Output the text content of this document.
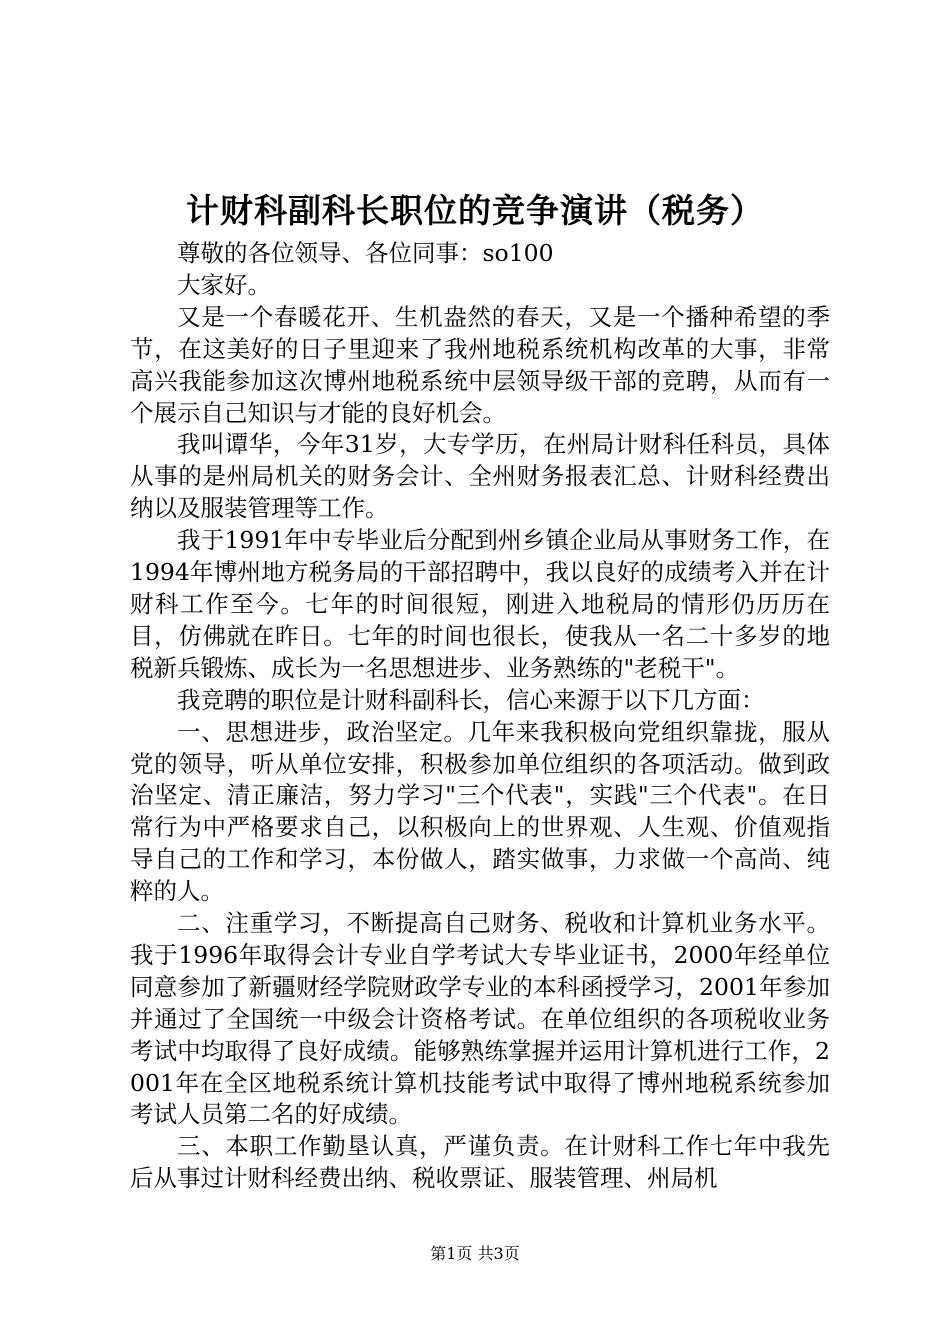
计财科副科长职位的竞争演讲（税务）

尊敬的各位领导、各位同事：so100

大家好。

又是一个春暖花开、生机盎然的春天，又是一个播种希望的季节，在这美好的日子里迎来了我州地税系统机构改革的大事，非常高兴我能参加这次博州地税系统中层领导级干部的竞聘，从而有一个展示自己知识与才能的良好机会。

我叫谭华，今年31岁，大专学历，在州局计财科任科员，具体从事的是州局机关的财务会计、全州财务报表汇总、计财科经费出纳以及服装管理等工作。

我于1991年中专毕业后分配到州乡镇企业局从事财务工作，在1994年博州地方税务局的干部招聘中，我以良好的成绩考入并在计财科工作至今。七年的时间很短，刚进入地税局的情形仍历历在目，仿佛就在昨日。七年的时间也很长，使我从一名二十多岁的地税新兵锻炼、成长为一名思想进步、业务熟练的"老税干"。

我竞聘的职位是计财科副科长，信心来源于以下几方面：

一、思想进步，政治坚定。几年来我积极向党组织靠拢，服从党的领导，听从单位安排，积极参加单位组织的各项活动。做到政治坚定、清正廉洁，努力学习"三个代表"，实践"三个代表"。在日常行为中严格要求自己，以积极向上的世界观、人生观、价值观指导自己的工作和学习，本份做人，踏实做事，力求做一个高尚、纯粹的人。

二、注重学习，不断提高自己财务、税收和计算机业务水平。我于1996年取得会计专业自学考试大专毕业证书，2000年经单位同意参加了新疆财经学院财政学专业的本科函授学习，2001年参加并通过了全国统一中级会计资格考试。在单位组织的各项税收业务考试中均取得了良好成绩。能够熟练掌握并运用计算机进行工作，2001年在全区地税系统计算机技能考试中取得了博州地税系统参加考试人员第二名的好成绩。

三、本职工作勤垦认真，严谨负责。在计财科工作七年中我先后从事过计财科经费出纳、税收票证、服装管理、州局机

第1页 共3页
